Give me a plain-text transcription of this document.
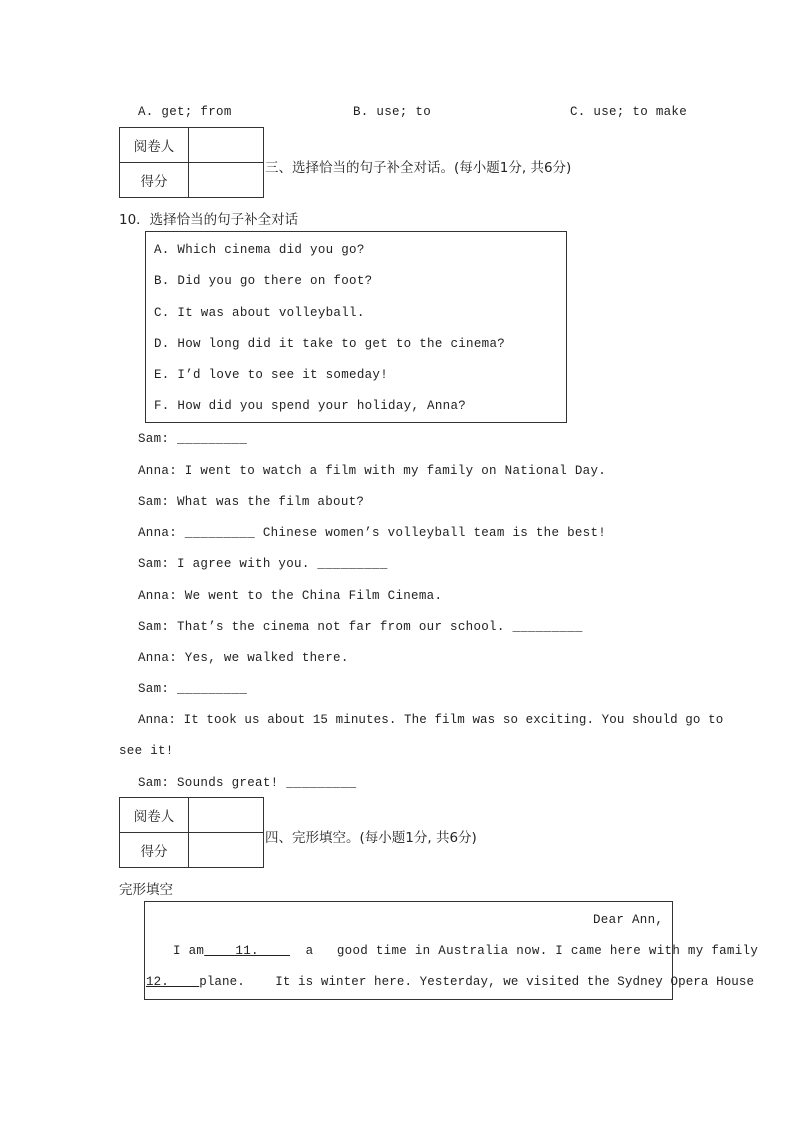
A. get; from	B. use; to	C. use; to make
阅卷人	
得分	
三、选择恰当的句子补全对话。(每小题1分, 共6分)
10．选择恰当的句子补全对话
A. Which cinema did you go?
B. Did you go there on foot?
C. It was about volleyball.
D. How long did it take to get to the cinema?
E. I’d love to see it someday!
F. How did you spend your holiday, Anna?
Sam: _________
Anna: I went to watch a film with my family on National Day.
Sam: What was the film about?
Anna: _________ Chinese women’s volleyball team is the best!
Sam: I agree with you. _________
Anna: We went to the China Film Cinema.
Sam: That’s the cinema not far from our school. _________
Anna: Yes, we walked there.
Sam: _________
Anna: It took us about 15 minutes. The film was so exciting. You should go to
see it!
Sam: Sounds great! _________
阅卷人	
得分	
四、完形填空。(每小题1分, 共6分)
完形填空
Dear Ann,
I am    11.      a   good time in Australia now. I came here with my family
12.    plane.    It is winter here. Yesterday, we visited the Sydney Opera House
